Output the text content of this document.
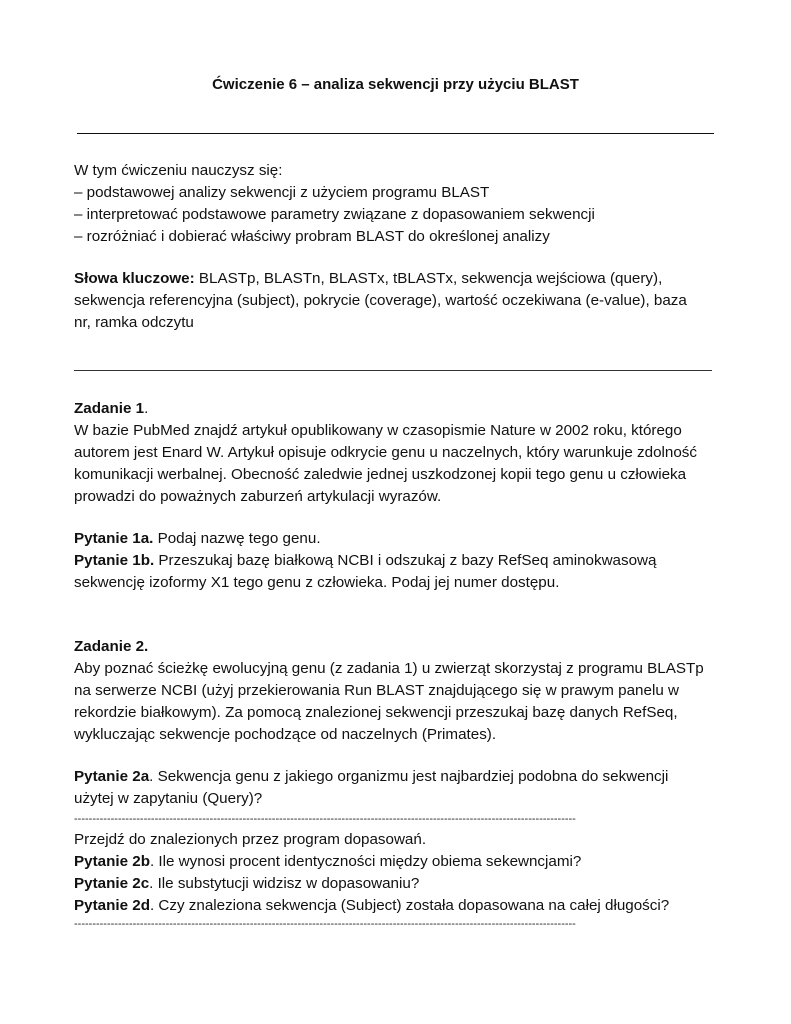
Ćwiczenie 6 – analiza sekwencji przy użyciu BLAST
W tym ćwiczeniu nauczysz się:
– podstawowej analizy sekwencji z użyciem programu BLAST
– interpretować podstawowe parametry związane z dopasowaniem sekwencji
– rozróżniać i dobierać właściwy probram BLAST do określonej analizy
Słowa kluczowe: BLASTp, BLASTn, BLASTx, tBLASTx, sekwencja wejściowa (query),
sekwencja referencyjna (subject), pokrycie (coverage), wartość oczekiwana (e-value), baza
nr, ramka odczytu
Zadanie 1.
W bazie PubMed znajdź artykuł opublikowany w czasopismie Nature w 2002 roku, którego
autorem jest Enard W. Artykuł opisuje odkrycie genu u naczelnych, który warunkuje zdolność
komunikacji werbalnej. Obecność zaledwie jednej uszkodzonej kopii tego genu u człowieka
prowadzi do poważnych zaburzeń artykulacji wyrazów.
Pytanie 1a. Podaj nazwę tego genu.
Pytanie 1b. Przeszukaj bazę białkową NCBI i odszukaj z bazy RefSeq aminokwasową
sekwencję izoformy X1 tego genu z człowieka. Podaj jej numer dostępu.
Zadanie 2.
Aby poznać ścieżkę ewolucyjną genu (z zadania 1) u zwierząt skorzystaj z programu BLASTp
na serwerze NCBI (użyj przekierowania Run BLAST znajdującego się w prawym panelu w
rekordzie białkowym). Za pomocą znalezionej sekwencji przeszukaj bazę danych RefSeq,
wykluczając sekwencje pochodzące od naczelnych (Primates).
Pytanie 2a. Sekwencja genu z jakiego organizmu jest najbardziej podobna do sekwencji
użytej w zapytaniu (Query)?
-----------------------------------------------------------------------------------------------------------------------------------------
Przejdź do znalezionych przez program dopasowań.
Pytanie 2b. Ile wynosi procent identyczności między obiema sekewncjami?
Pytanie 2c. Ile substytucji widzisz w dopasowaniu?
Pytanie 2d. Czy znaleziona sekwencja (Subject) została dopasowana na całej długości?
-----------------------------------------------------------------------------------------------------------------------------------------
